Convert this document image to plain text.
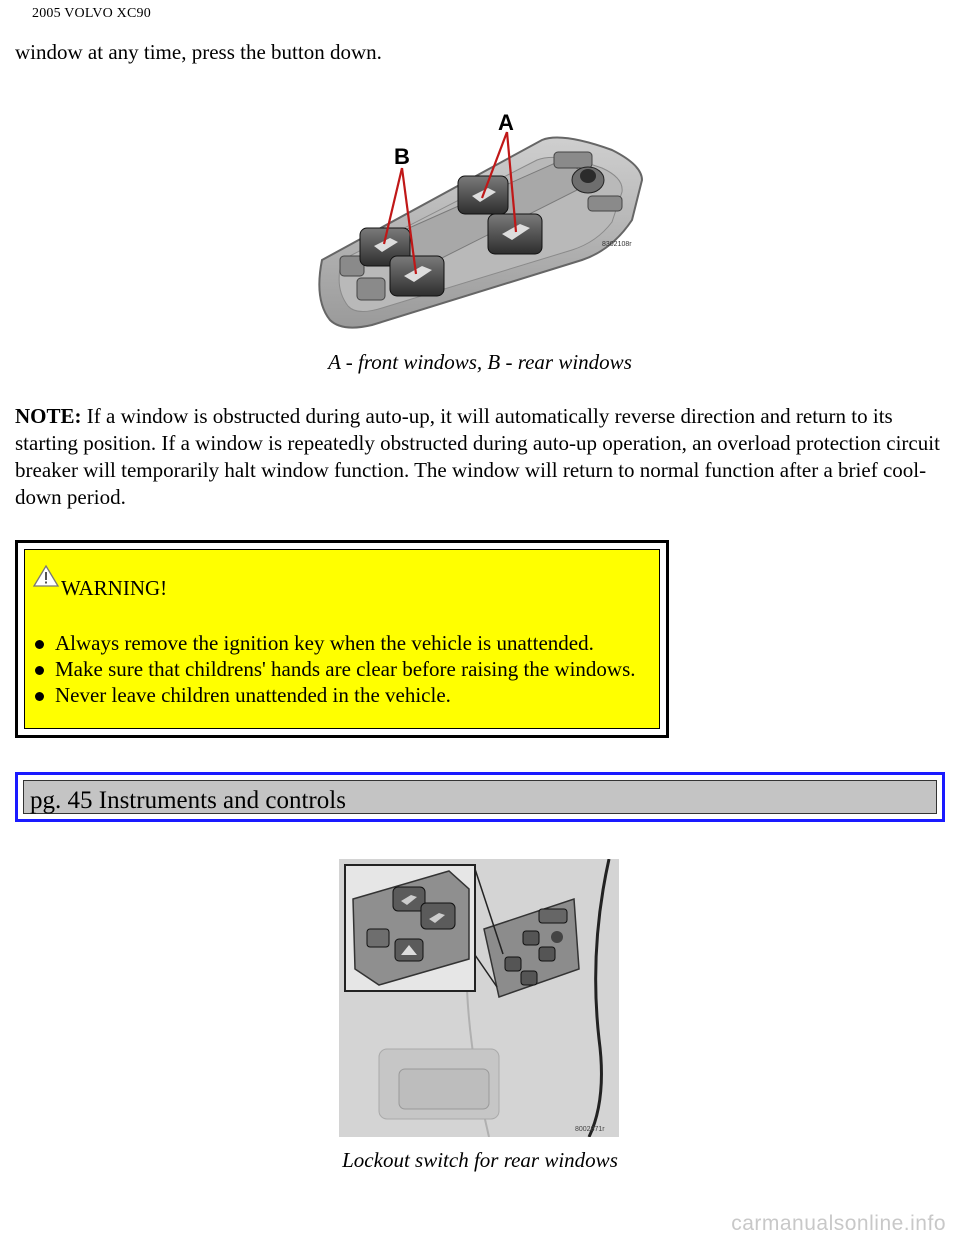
2005 VOLVO XC90
window at any time, press the button down.
A
B
8302108r
A - front windows, B - rear windows
NOTE: If a window is obstructed during auto-up, it will automatically reverse direction and return to its starting position. If a window is repeatedly obstructed during auto-up operation, an overload protection circuit breaker will temporarily halt window function. The window will return to normal function after a brief cool-down period.
WARNING!
Always remove the ignition key when the vehicle is unattended.
Make sure that childrens' hands are clear before raising the windows.
Never leave children unattended in the vehicle.
pg. 45 Instruments and controls
8002871r
Lockout switch for rear windows
carmanualsonline.info
